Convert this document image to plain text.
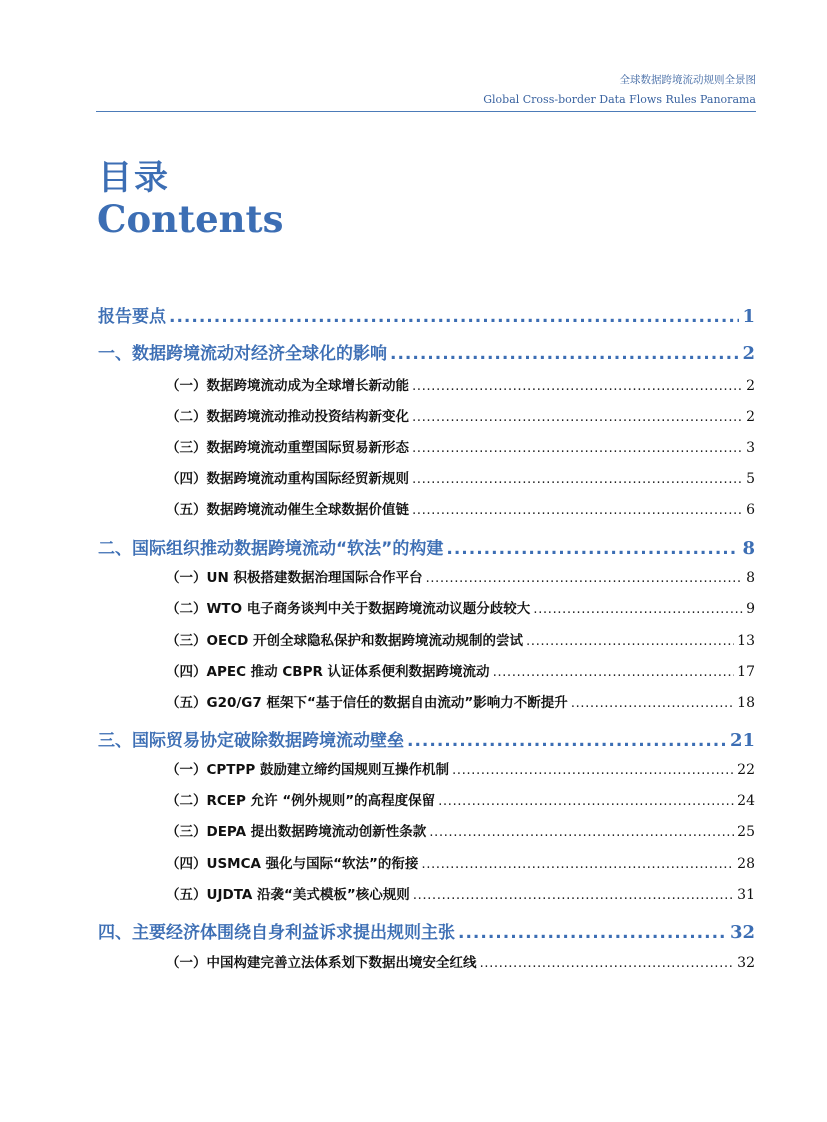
全球数据跨境流动规则全景图
Global Cross-border Data Flows Rules Panorama
目录
Contents
报告要点 .....	1
一、数据跨境流动对经济全球化的影响 .....	2
（一）数据跨境流动成为全球增长新动能 .....	2
（二）数据跨境流动推动投资结构新变化 .....	2
（三）数据跨境流动重塑国际贸易新形态 .....	3
（四）数据跨境流动重构国际经贸新规则 .....	5
（五）数据跨境流动催生全球数据价值链 .....	6
二、国际组织推动数据跨境流动“软法”的构建 .....	8
（一）UN 积极搭建数据治理国际合作平台 .....	8
（二）WTO 电子商务谈判中关于数据跨境流动议题分歧较大 .....	9
（三）OECD 开创全球隐私保护和数据跨境流动规制的尝试 .....	13
（四）APEC 推动 CBPR 认证体系便利数据跨境流动 .....	17
（五）G20/G7 框架下“基于信任的数据自由流动”影响力不断提升 .....	18
三、国际贸易协定破除数据跨境流动壁垒 .....	21
（一）CPTPP 鼓励建立缔约国规则互操作机制 .....	22
（二）RCEP 允许 “例外规则”的高程度保留 .....	24
（三）DEPA 提出数据跨境流动创新性条款 .....	25
（四）USMCA 强化与国际“软法”的衔接 .....	28
（五）UJDTA 沿袭“美式模板”核心规则 .....	31
四、主要经济体围绕自身利益诉求提出规则主张 .....	32
（一）中国构建完善立法体系划下数据出境安全红线 .....	32
